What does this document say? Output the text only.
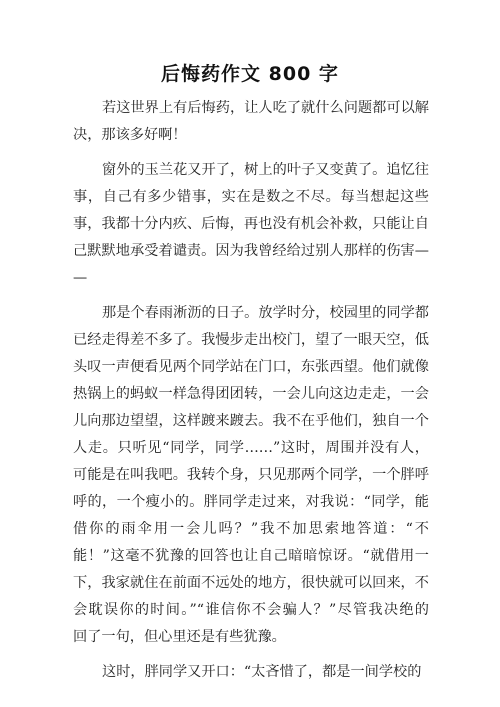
后悔药作文 800 字
若这世界上有后悔药，让人吃了就什么问题都可以解
决，那该多好啊！
窗外的玉兰花又开了，树上的叶子又变黄了。追忆往
事，自己有多少错事，实在是数之不尽。每当想起这些
事，我都十分内疚、后悔，再也没有机会补救，只能让自
己默默地承受着谴责。因为我曾经给过别人那样的伤害—
—
那是个春雨淅沥的日子。放学时分，校园里的同学都
已经走得差不多了。我慢步走出校门，望了一眼天空，低
头叹一声便看见两个同学站在门口，东张西望。他们就像
热锅上的蚂蚁一样急得团团转，一会儿向这边走走，一会
儿向那边望望，这样踱来踱去。我不在乎他们，独自一个
人走。只听见“同学，同学……”这时，周围并没有人，
可能是在叫我吧。我转个身，只见那两个同学，一个胖呼
呼的，一个瘦小的。胖同学走过来，对我说：“同学，能
借你的雨伞用一会儿吗？”我不加思索地答道：“不
能！”这毫不犹豫的回答也让自己暗暗惊讶。“就借用一
下，我家就住在前面不远处的地方，很快就可以回来，不
会耽误你的时间。”“谁信你不会骗人？”尽管我决绝的
回了一句，但心里还是有些犹豫。
这时，胖同学又开口：“太吝惜了，都是一间学校的
